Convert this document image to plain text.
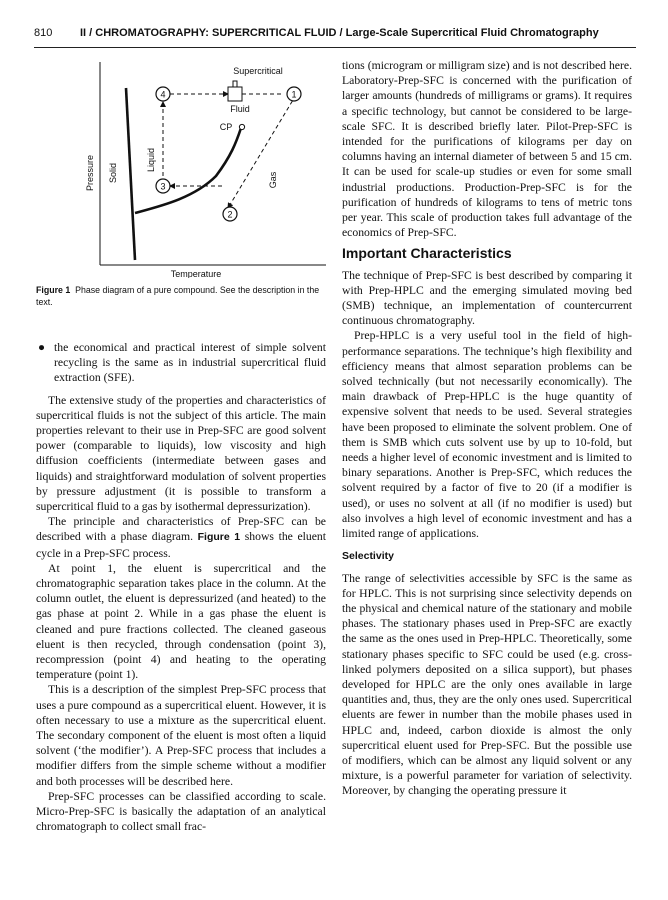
810	II / CHROMATOGRAPHY: SUPERCRITICAL FLUID / Large-Scale Supercritical Fluid Chromatography
4	1
3
2
Supercritical
Fluid
CP
Pressure Solid
Liquid
Gas
Temperature
Figure 1 Phase diagram of a pure compound. See the description in the text.

● the economical and practical interest of simple solvent recycling is the same as in industrial supercritical fluid extraction (SFE).

The extensive study of the properties and characteristics of supercritical fluids is not the subject of this article. The main properties relevant to their use in Prep-SFC are good solvent power (comparable to liquids), low viscosity and high diffusion coefficients (intermediate between gases and liquids) and straightforward modulation of solvent properties by pressure adjustment (it is possible to transform a supercritical fluid to a gas by isothermal depressurization).

The principle and characteristics of Prep-SFC can be described with a phase diagram. Figure 1 shows the eluent cycle in a Prep-SFC process.

At point 1, the eluent is supercritical and the chromatographic separation takes place in the column. At the column outlet, the eluent is depressurized (and heated) to the gas phase at point 2. While in a gas phase the eluent is cleaned and pure fractions collected. The cleaned gaseous eluent is then recycled, through condensation (point 3), recompression (point 4) and heating to the operating temperature (point 1).

This is a description of the simplest Prep-SFC process that uses a pure compound as a supercritical eluent. However, it is often necessary to use a mixture as the supercritical eluent. The secondary component of the eluent is most often a liquid solvent (‘the modifier’). A Prep-SFC process that includes a modifier differs from the simple scheme without a modifier and both processes will be described here.

Prep-SFC processes can be classified according to scale. Micro-Prep-SFC is basically the adaptation of an analytical chromatograph to collect small frac-

tions (microgram or milligram size) and is not described here. Laboratory-Prep-SFC is concerned with the purification of larger amounts (hundreds of milligrams or grams). It requires a specific technology, but cannot be considered to be large-scale SFC. It is described briefly later. Pilot-Prep-SFC is intended for the purifications of kilograms per day on columns having an internal diameter of between 5 and 15 cm. It can be used for scale-up studies or even for some small industrial productions. Production-Prep-SFC is for the purification of hundreds of kilograms to tens of metric tons per year. This scale of production takes full advantage of the economics of Prep-SFC.

Important Characteristics

The technique of Prep-SFC is best described by comparing it with Prep-HPLC and the emerging simulated moving bed (SMB) technique, an implementation of countercurrent continuous chromatography.

Prep-HPLC is a very useful tool in the field of high-performance separations. The technique’s high flexibility and efficiency means that almost separation problems can be solved technically (but not necessarily economically). The main drawback of Prep-HPLC is the huge quantity of expensive solvent that needs to be used. Several strategies have been proposed to eliminate the solvent problem. One of them is SMB which cuts solvent use by up to 10-fold, but needs a higher level of economic investment and is limited to binary separations. Another is Prep-SFC, which reduces the solvent required by a factor of five to 20 (if a modifier is used), or uses no solvent at all (if no modifier is used) but also involves a high level of economic investment and has a limited range of applications.

Selectivity

The range of selectivities accessible by SFC is the same as for HPLC. This is not surprising since selectivity depends on the physical and chemical nature of the stationary and mobile phases. The stationary phases used in Prep-SFC are exactly the same as the ones used in Prep-HPLC. Theoretically, some stationary phases specific to SFC could be used (e.g. cross-linked polymers deposited on a silica support), but phases developed for HPLC are the only ones available in large quantities and, thus, they are the only ones used. Supercritical eluents are fewer in number than the mobile phases used in HPLC and, indeed, carbon dioxide is almost the only supercritical eluent used for Prep-SFC. But the possible use of modifiers, which can be almost any liquid solvent or any mixture, is a powerful parameter for variation of selectivity. Moreover, by changing the operating pressure it
